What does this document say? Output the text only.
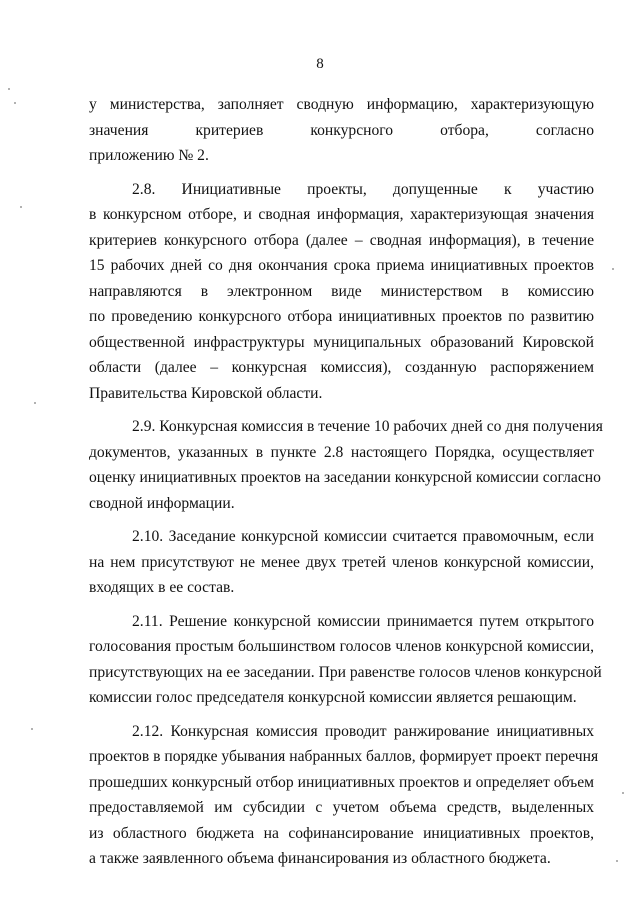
8
у министерства, заполняет сводную информацию, характеризующую
значения критериев конкурсного отбора, согласно
приложению № 2.
2.8. Инициативные проекты, допущенные к участию
в конкурсном отборе, и сводная информация, характеризующая значения
критериев конкурсного отбора (далее – сводная информация), в течение
15 рабочих дней со дня окончания срока приема инициативных проектов
направляются в электронном виде министерством в комиссию
по проведению конкурсного отбора инициативных проектов по развитию
общественной инфраструктуры муниципальных образований Кировской
области (далее – конкурсная комиссия), созданную распоряжением
Правительства Кировской области.
2.9. Конкурсная комиссия в течение 10 рабочих дней со дня получения
документов, указанных в пункте 2.8 настоящего Порядка, осуществляет
оценку инициативных проектов на заседании конкурсной комиссии согласно
сводной информации.
2.10. Заседание конкурсной комиссии считается правомочным, если
на нем присутствуют не менее двух третей членов конкурсной комиссии,
входящих в ее состав.
2.11. Решение конкурсной комиссии принимается путем открытого
голосования простым большинством голосов членов конкурсной комиссии,
присутствующих на ее заседании. При равенстве голосов членов конкурсной
комиссии голос председателя конкурсной комиссии является решающим.
2.12. Конкурсная комиссия проводит ранжирование инициативных
проектов в порядке убывания набранных баллов, формирует проект перечня
прошедших конкурсный отбор инициативных проектов и определяет объем
предоставляемой им субсидии с учетом объема средств, выделенных
из областного бюджета на софинансирование инициативных проектов,
а также заявленного объема финансирования из областного бюджета.
